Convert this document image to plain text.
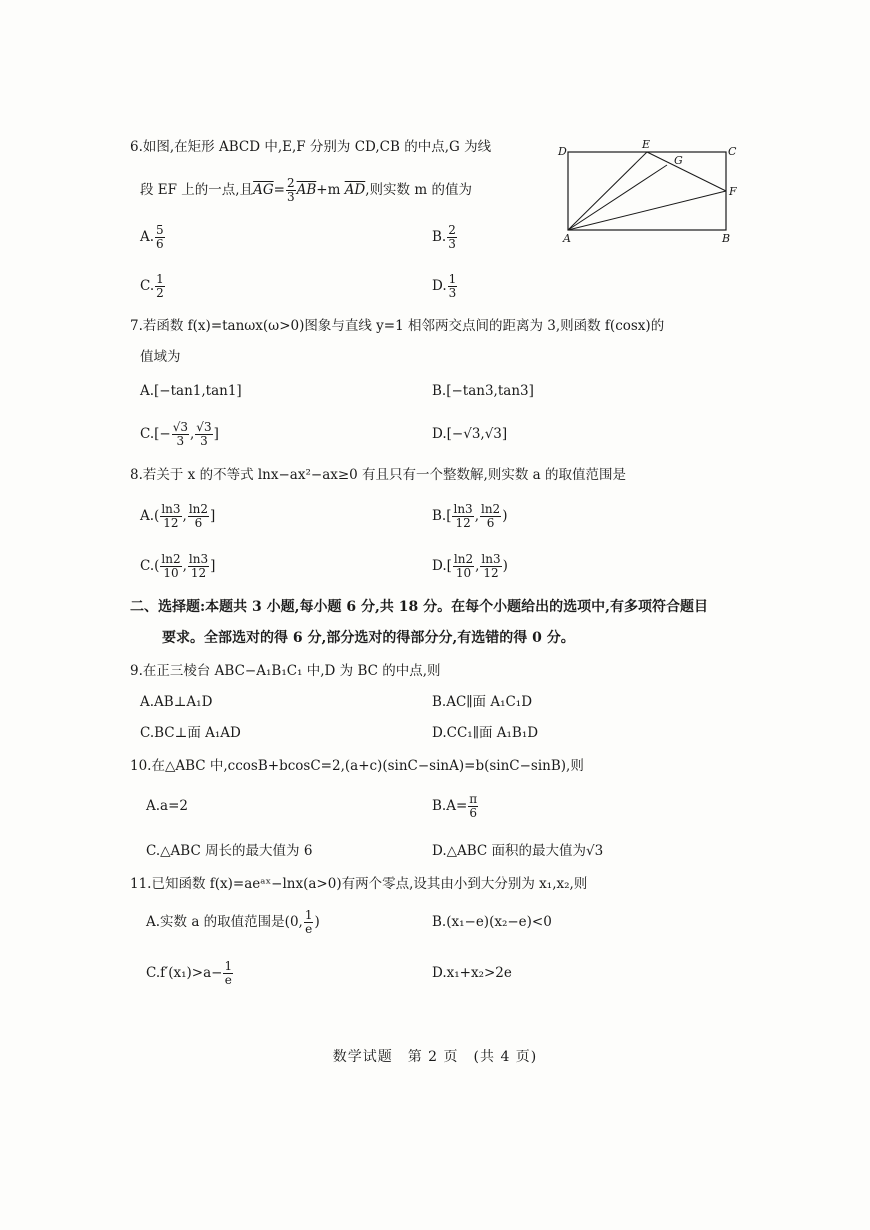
6.如图,在矩形 ABCD 中,E,F 分别为 CD,CB 的中点,G 为线
段 EF 上的一点,且$\overline{AG}= \frac{2}{3} \overline{AB}+m$ $\overline{AD}$,则实数 m 的值为
A. $\frac{5}{6}$	B. $\frac{2}{3}$
C. $\frac{1}{2}$	D. $\frac{1}{3}$
D
E
G
C
F
A	B
7.若函数 f(x)=tanωx(ω>0)图象与直线 y=1 相邻两交点间的距离为 3,则函数 f(cosx)的
值域为
A.[−tan1,tan1]	B.[−tan3,tan3]
$C.[- \frac{√3}{3}$ , $\frac{√3}{3}$ ]	D.[−√3,√3]
8.若关于 x 的不等式 lnx−ax²−ax≥0 有且只有一个整数解,则实数 a 的取值范围是
$A.( \frac{\ln 3}{12}$ , $\frac{\ln 2}{6}$ ]	$B.[ \frac{\ln 3}{12}$ , $\frac{\ln 2}{6}$ )
$C.( \frac{\ln 2}{10}$ , $\frac{\ln 3}{12}$ ]	$D.[ \frac{\ln 2}{10}$ , $\frac{\ln 3}{12}$ )
二、选择题:本题共 3 小题,每小题 6 分,共 18 分。在每个小题给出的选项中,有多项符合题目
要求。全部选对的得 6 分,部分选对的得部分分,有选错的得 0 分。
9.在正三棱台 ABC−A₁B₁C₁ 中,D 为 BC 的中点,则
A.AB⊥A₁D	B.AC∥面 A₁C₁D
C.BC⊥面 A₁AD	D.CC₁∥面 A₁B₁D
10.在△ABC 中,ccosB+bcosC=2,(a+c)(sinC−sinA)=b(sinC−sinB),则
A.a=2	$B.A= \frac{\pi}{6}$
C.△ABC 周长的最大值为 6	D.△ABC 面积的最大值为√3
11.已知函数 f(x)=aeᵃˣ−lnx(a>0)有两个零点,设其由小到大分别为 x₁,x₂,则
A.实数 a 的取值范围是(0, $\frac{1}{e}$ )	B.(x₁−e)(x₂−e)<0
$C.f'(x_1)>a- \frac{1}{e}$	D.x₁+x₂>2e
数学试题　第 2 页　(共 4 页)
